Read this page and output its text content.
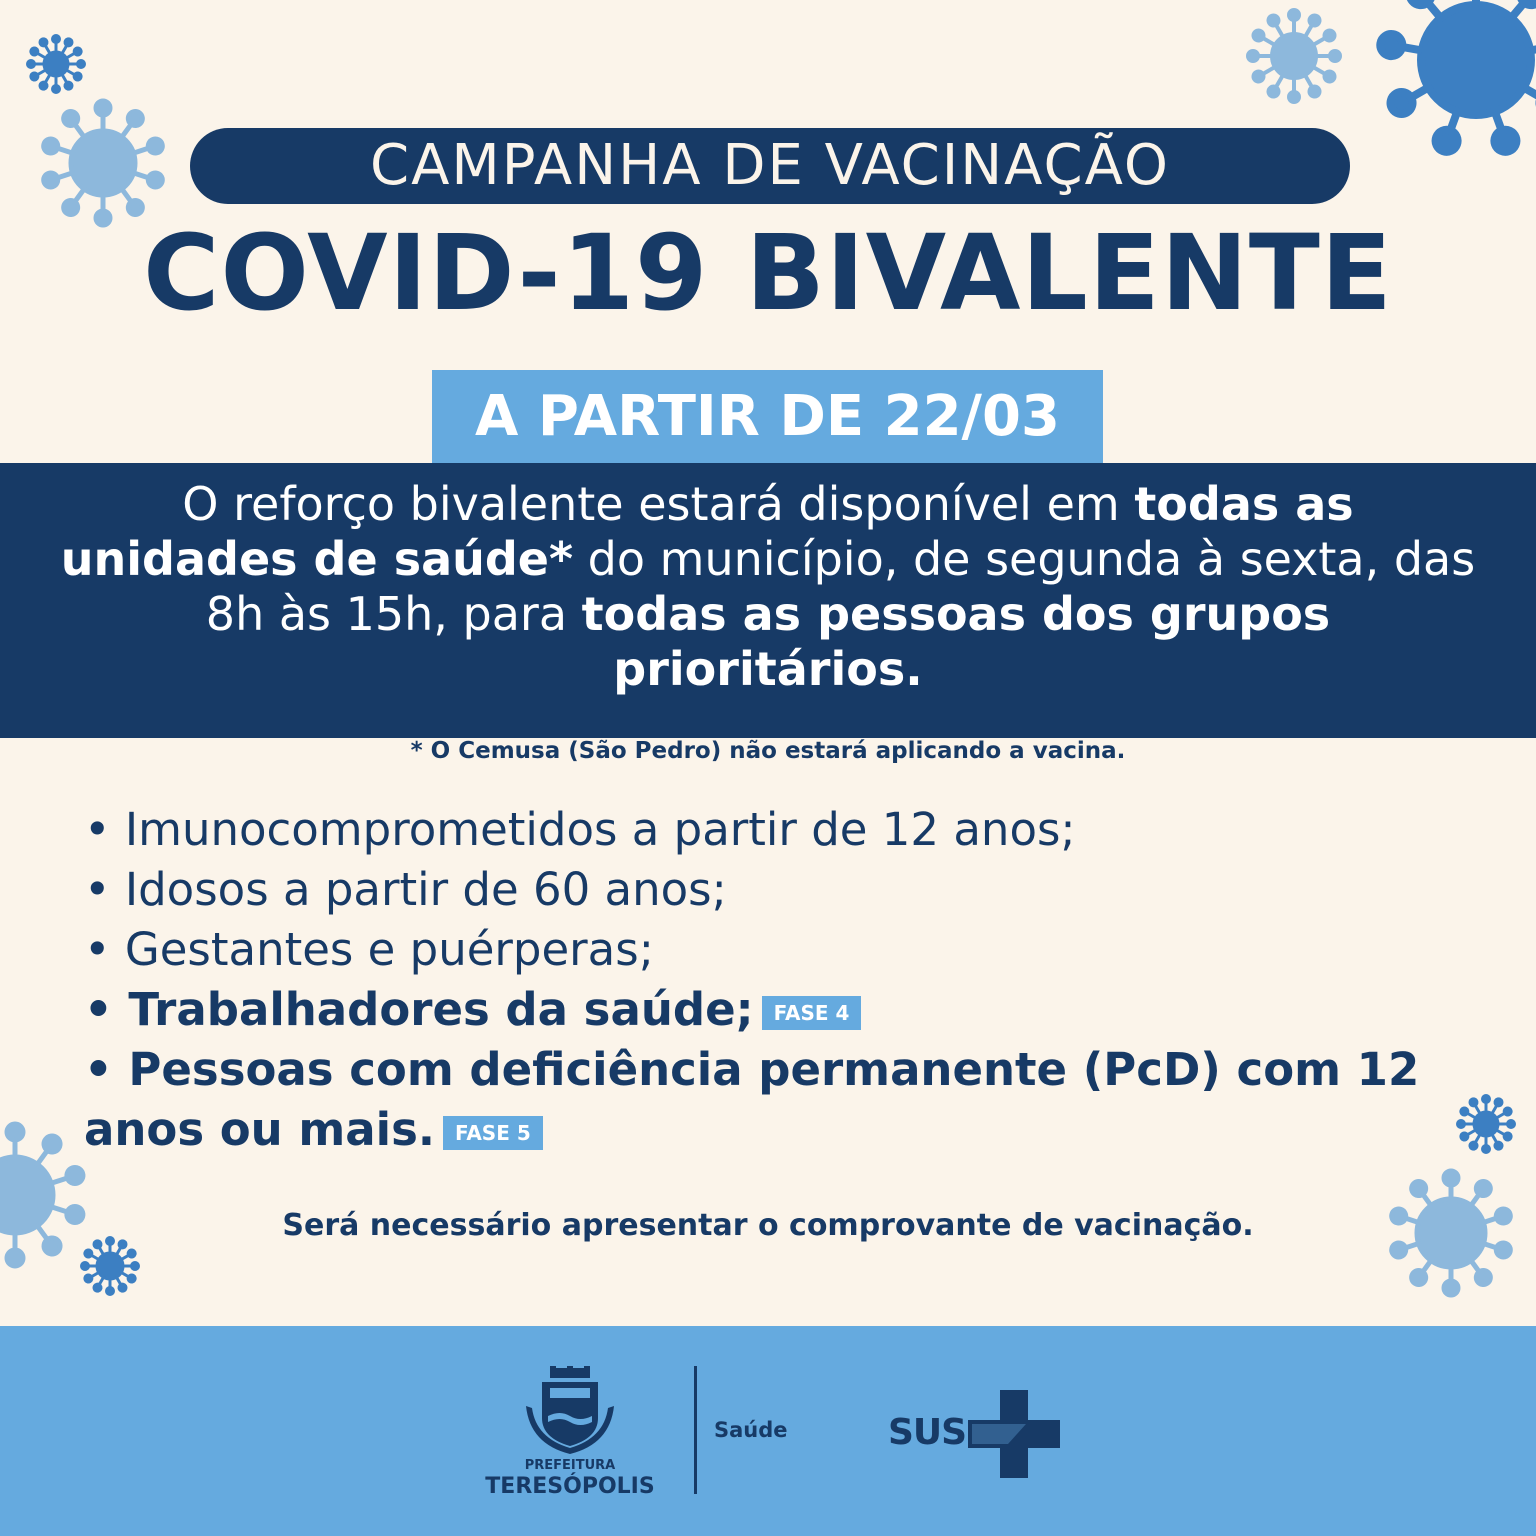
CAMPANHA DE VACINAÇÃO
COVID-19 BIVALENTE
A PARTIR DE 22/03
O reforço bivalente estará disponível em todas as unidades de saúde* do município, de segunda à sexta, das 8h às 15h, para todas as pessoas dos grupos prioritários.
* O Cemusa (São Pedro) não estará aplicando a vacina.
• Imunocomprometidos a partir de 12 anos;
• Idosos a partir de 60 anos;
• Gestantes e puérperas;
• Trabalhadores da saúde; FASE 4
• Pessoas com deficiência permanente (PcD) com 12 anos ou mais. FASE 5
Será necessário apresentar o comprovante de vacinação.
PREFEITURA
TERESÓPOLIS
Saúde	SUS
